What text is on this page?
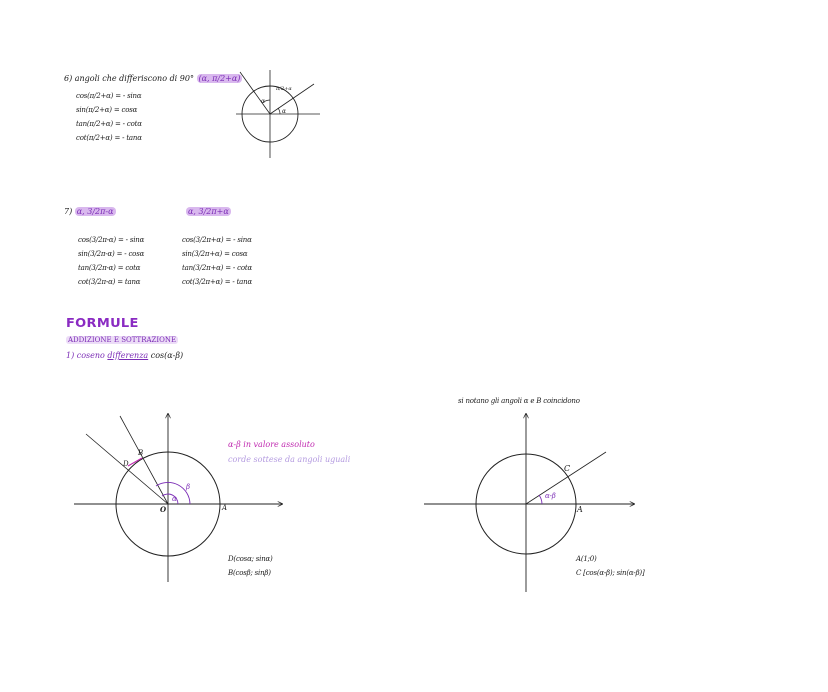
6) angoli che differiscono di 90° (α, π/2+α)
cos(π/2+α) = - sinα
sin(π/2+α) = cosα
tan(π/2+α) = - cotα
cot(π/2+α) = - tanα
π/2+α
α
α
7) α, 3/2π-α	α, 3/2π+α
cos(3/2π-α) = - sinα
sin(3/2π-α) = - cosα
tan(3/2π-α) = cotα
cot(3/2π-α) = tanα
cos(3/2π+α) = - sinα
sin(3/2π+α) = cosα
tan(3/2π+α) = - cotα
cot(3/2π+α) = - tanα
FORMULE
ADDIZIONE E SOTTRAZIONE
1) coseno differenza cos(α-β)
B
D
β
α
O	A
α-β in valore assoluto
corde sottese da angoli uguali
D(cosα; sinα)
B(cosβ; sinβ)
si notano gli angoli α e B coincidono
C
α-β
A
A(1;0)
C [cos(α-β); sin(α-β)]
